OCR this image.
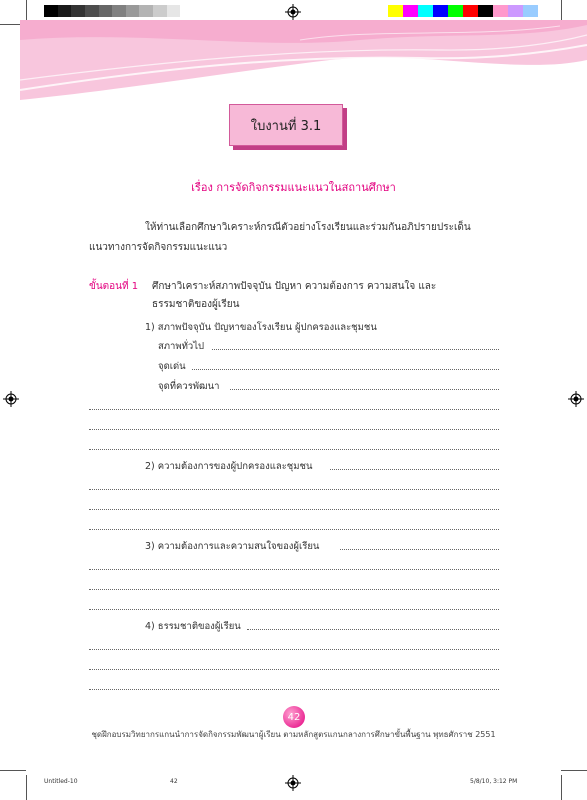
ใบงานที่ 3.1
เรื่อง การจัดกิจกรรมแนะแนวในสถานศึกษา
ให้ท่านเลือกศึกษาวิเคราะห์กรณีตัวอย่างโรงเรียนและร่วมกันอภิปรายประเด็น
แนวทางการจัดกิจกรรมแนะแนว
ขั้นตอนที่ 1 ศึกษาวิเคราะห์สภาพปัจจุบัน ปัญหา ความต้องการ ความสนใจ และ
ธรรมชาติของผู้เรียน
1) สภาพปัจจุบัน ปัญหาของโรงเรียน ผู้ปกครองและชุมชน
สภาพทั่วไป
จุดเด่น
จุดที่ควรพัฒนา
2) ความต้องการของผู้ปกครองและชุมชน
3) ความต้องการและความสนใจของผู้เรียน
4) ธรรมชาติของผู้เรียน
42
ชุดฝึกอบรมวิทยากรแกนนำการจัดกิจกรรมพัฒนาผู้เรียน ตามหลักสูตรแกนกลางการศึกษาขั้นพื้นฐาน พุทธศักราช 2551
Untitled-10	42	5/8/10, 3:12 PM
